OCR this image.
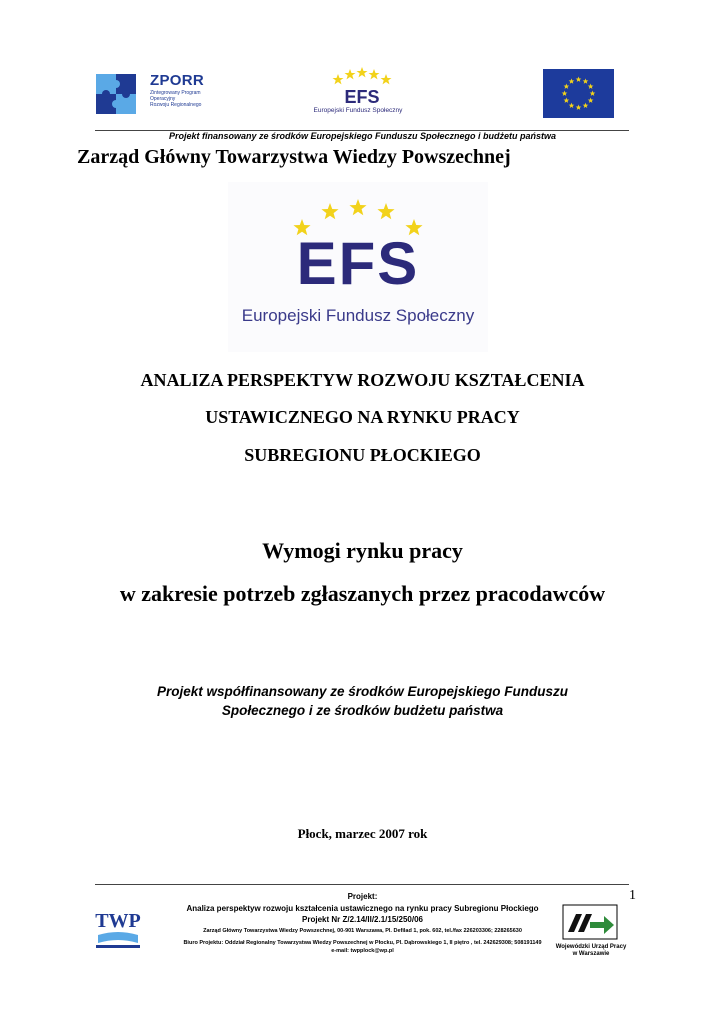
ZPORR
Zintegrowany Program
Operacyjny
Rozwoju Regionalnego	EFS
Europejski Fundusz Społeczny
Projekt finansowany ze środków Europejskiego Funduszu Społecznego i budżetu państwa
Zarząd Główny Towarzystwa Wiedzy Powszechnej
EFS
Europejski Fundusz Społeczny
ANALIZA PERSPEKTYW ROZWOJU KSZTAŁCENIA
USTAWICZNEGO NA RYNKU PRACY
SUBREGIONU PŁOCKIEGO
Wymogi rynku pracy
w zakresie potrzeb zgłaszanych przez pracodawców
Projekt współfinansowany ze środków Europejskiego Funduszu
Społecznego i ze środków budżetu państwa
Płock, marzec 2007 rok
1
TWP
Projekt:
Analiza perspektyw rozwoju kształcenia ustawicznego na rynku pracy Subregionu Płockiego
Projekt Nr Z/2.14/II/2.1/15/250/06
Zarząd Główny Towarzystwa Wiedzy Powszechnej, 00-901 Warszawa, Pl. Defilad 1, pok. 602, tel./fax 226203306; 228265630
Biuro Projektu: Oddział Regionalny Towarzystwa Wiedzy Powszechnej w Płocku, Pl. Dąbrowskiego 1, II piętro , tel. 242629308; 508191149
e-mail: twpplock@wp.pl
Wojewódzki Urząd Pracy
w Warszawie
